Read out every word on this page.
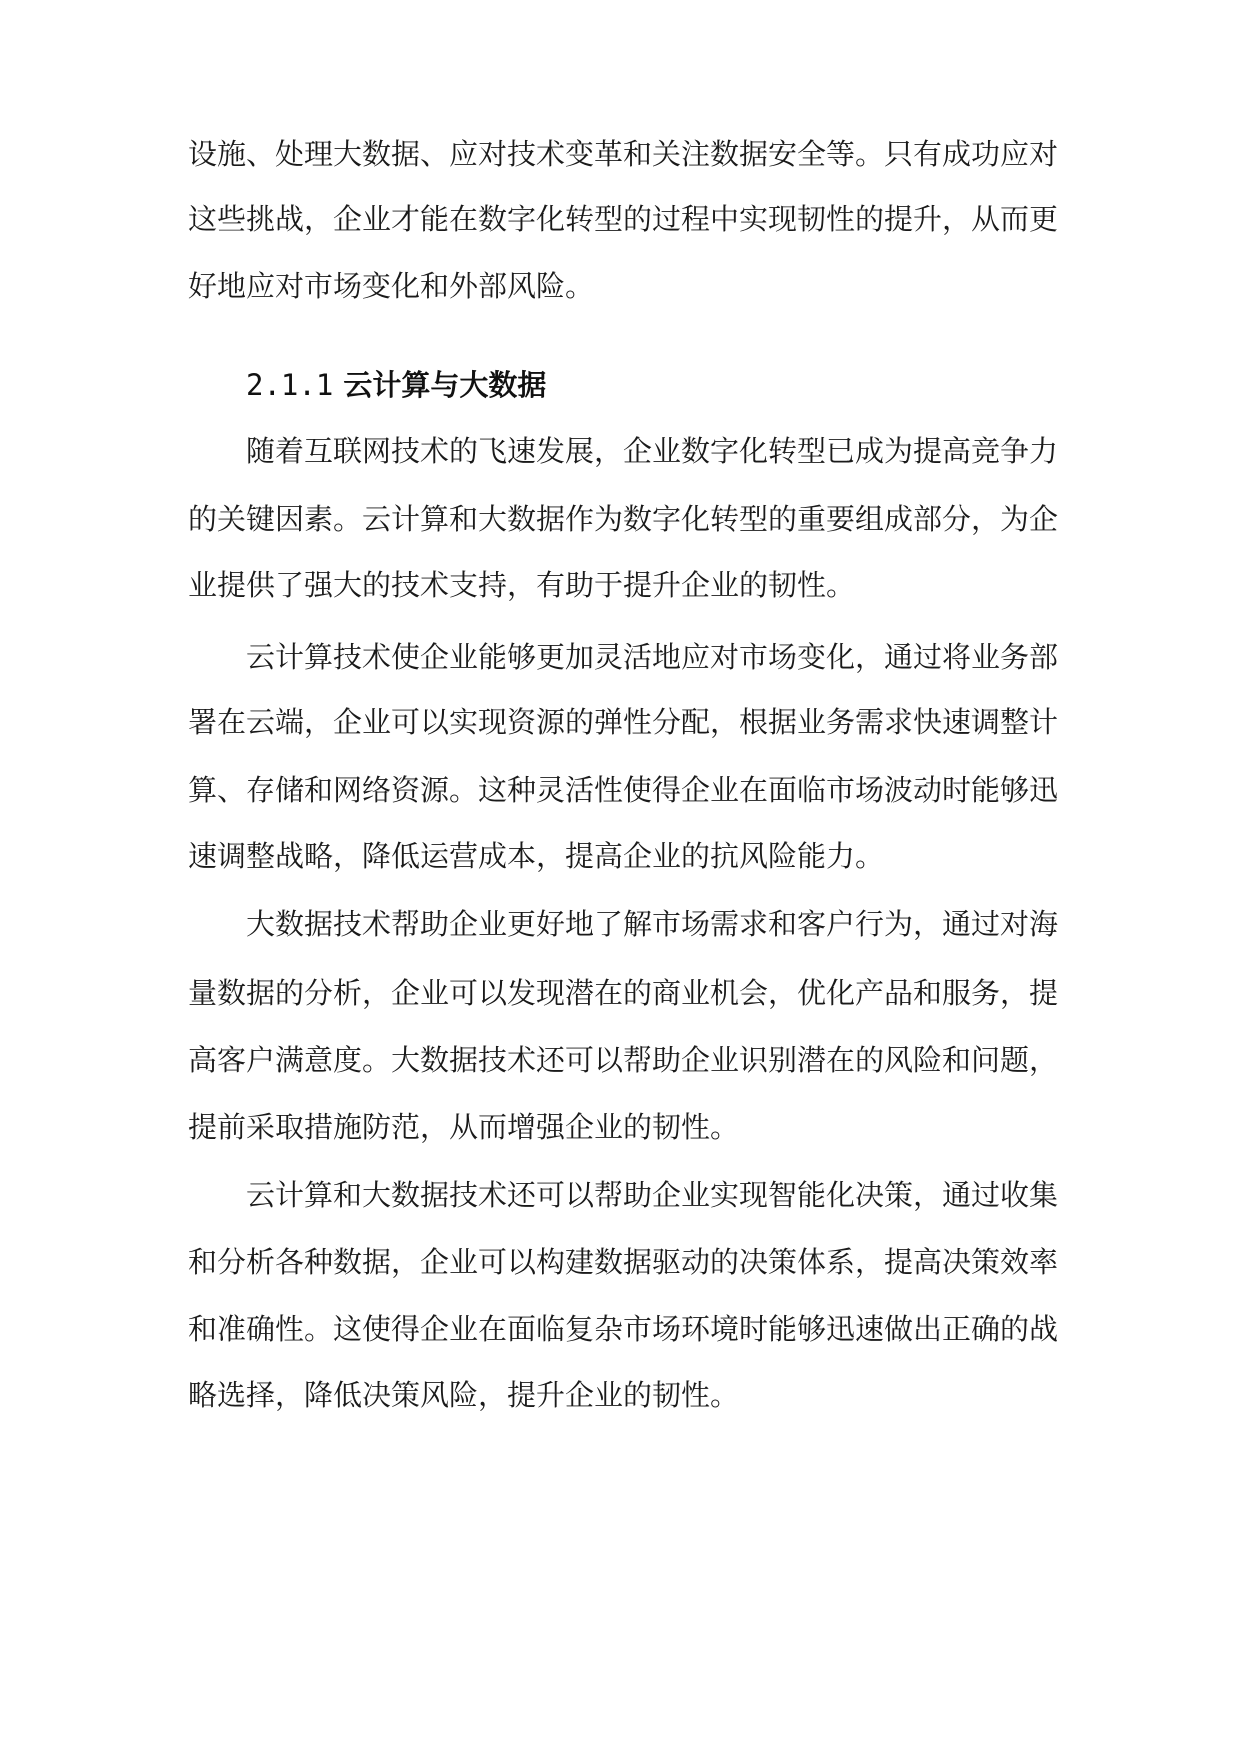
设施、处理大数据、应对技术变革和关注数据安全等。只有成功应对
这些挑战，企业才能在数字化转型的过程中实现韧性的提升，从而更
好地应对市场变化和外部风险。
2.1.1 云计算与大数据
随着互联网技术的飞速发展，企业数字化转型已成为提高竞争力
的关键因素。云计算和大数据作为数字化转型的重要组成部分，为企
业提供了强大的技术支持，有助于提升企业的韧性。
云计算技术使企业能够更加灵活地应对市场变化，通过将业务部
署在云端，企业可以实现资源的弹性分配，根据业务需求快速调整计
算、存储和网络资源。这种灵活性使得企业在面临市场波动时能够迅
速调整战略，降低运营成本，提高企业的抗风险能力。
大数据技术帮助企业更好地了解市场需求和客户行为，通过对海
量数据的分析，企业可以发现潜在的商业机会，优化产品和服务，提
高客户满意度。大数据技术还可以帮助企业识别潜在的风险和问题，
提前采取措施防范，从而增强企业的韧性。
云计算和大数据技术还可以帮助企业实现智能化决策，通过收集
和分析各种数据，企业可以构建数据驱动的决策体系，提高决策效率
和准确性。这使得企业在面临复杂市场环境时能够迅速做出正确的战
略选择，降低决策风险，提升企业的韧性。
